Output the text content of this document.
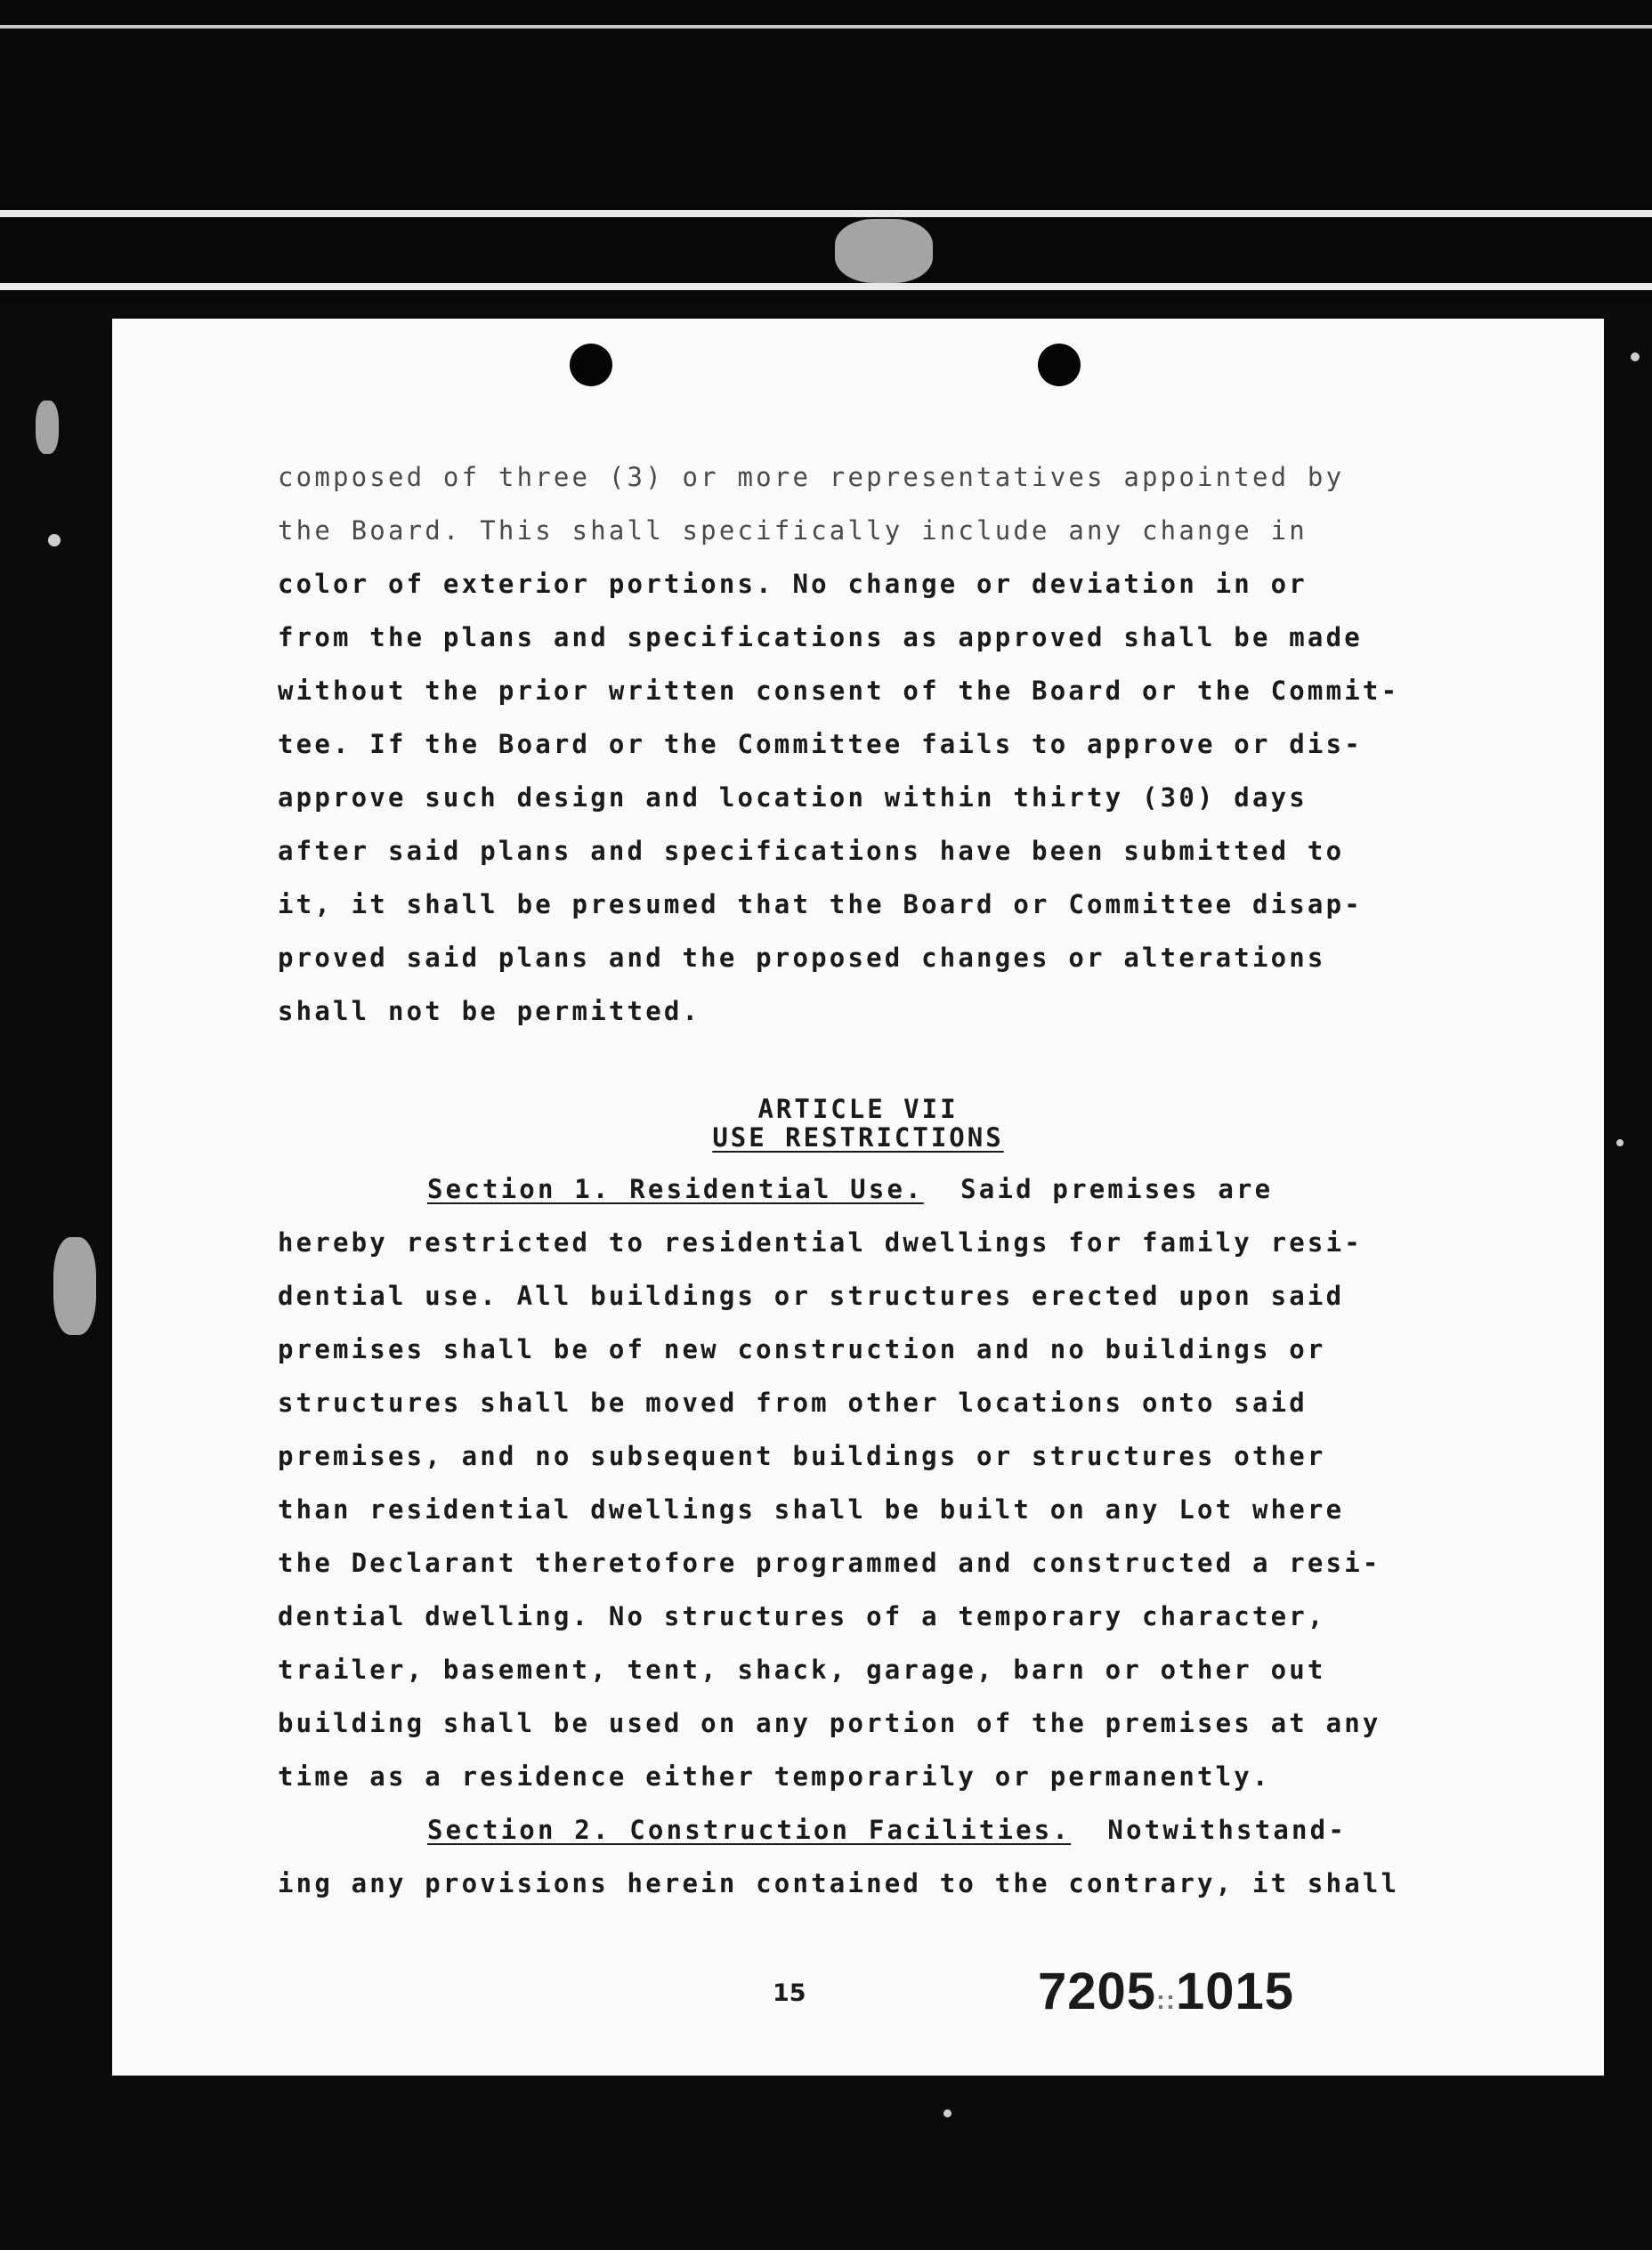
composed of three (3) or more representatives appointed by
the Board. This shall specifically include any change in
color of exterior portions. No change or deviation in or
from the plans and specifications as approved shall be made
without the prior written consent of the Board or the Commit-
tee. If the Board or the Committee fails to approve or dis-
approve such design and location within thirty (30) days
after said plans and specifications have been submitted to
it, it shall be presumed that the Board or Committee disap-
proved said plans and the proposed changes or alterations
shall not be permitted.
ARTICLE VII
USE RESTRICTIONS
Section 1. Residential Use.  Said premises are
hereby restricted to residential dwellings for family resi-
dential use. All buildings or structures erected upon said
premises shall be of new construction and no buildings or
structures shall be moved from other locations onto said
premises, and no subsequent buildings or structures other
than residential dwellings shall be built on any Lot where
the Declarant theretofore programmed and constructed a resi-
dential dwelling. No structures of a temporary character,
trailer, basement, tent, shack, garage, barn or other out
building shall be used on any portion of the premises at any
time as a residence either temporarily or permanently.
Section 2. Construction Facilities.  Notwithstand-
ing any provisions herein contained to the contrary, it shall
15	7205::1015
